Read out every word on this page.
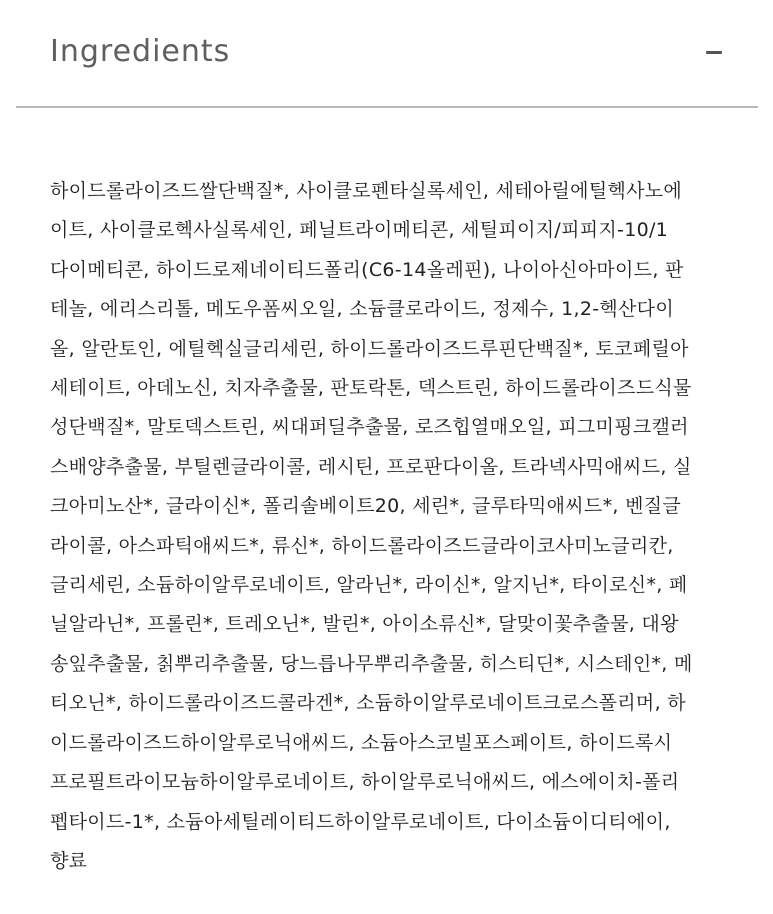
Ingredients
하이드롤라이즈드쌀단백질*, 사이클로펜타실록세인, 세테아릴에틸헥사노에
이트, 사이클로헥사실록세인, 페닐트라이메티콘, 세틸피이지/피피지-10/1
다이메티콘, 하이드로제네이티드폴리(C6-14올레핀), 나이아신아마이드, 판
테놀, 에리스리톨, 메도우폼씨오일, 소듐클로라이드, 정제수, 1,2-헥산다이
올, 알란토인, 에틸헥실글리세린, 하이드롤라이즈드루핀단백질*, 토코페릴아
세테이트, 아데노신, 치자추출물, 판토락톤, 덱스트린, 하이드롤라이즈드식물
성단백질*, 말토덱스트린, 씨대퍼딜추출물, 로즈힙열매오일, 피그미핑크캘러
스배양추출물, 부틸렌글라이콜, 레시틴, 프로판다이올, 트라넥사믹애씨드, 실
크아미노산*, 글라이신*, 폴리솔베이트20, 세린*, 글루타믹애씨드*, 벤질글
라이콜, 아스파틱애씨드*, 류신*, 하이드롤라이즈드글라이코사미노글리칸,
글리세린, 소듐하이알루로네이트, 알라닌*, 라이신*, 알지닌*, 타이로신*, 페
닐알라닌*, 프롤린*, 트레오닌*, 발린*, 아이소류신*, 달맞이꽃추출물, 대왕
송잎추출물, 칡뿌리추출물, 당느릅나무뿌리추출물, 히스티딘*, 시스테인*, 메
티오닌*, 하이드롤라이즈드콜라겐*, 소듐하이알루로네이트크로스폴리머, 하
이드롤라이즈드하이알루로닉애씨드, 소듐아스코빌포스페이트, 하이드록시
프로필트라이모늄하이알루로네이트, 하이알루로닉애씨드, 에스에이치-폴리
펩타이드-1*, 소듐아세틸레이티드하이알루로네이트, 다이소듐이디티에이,
향료
